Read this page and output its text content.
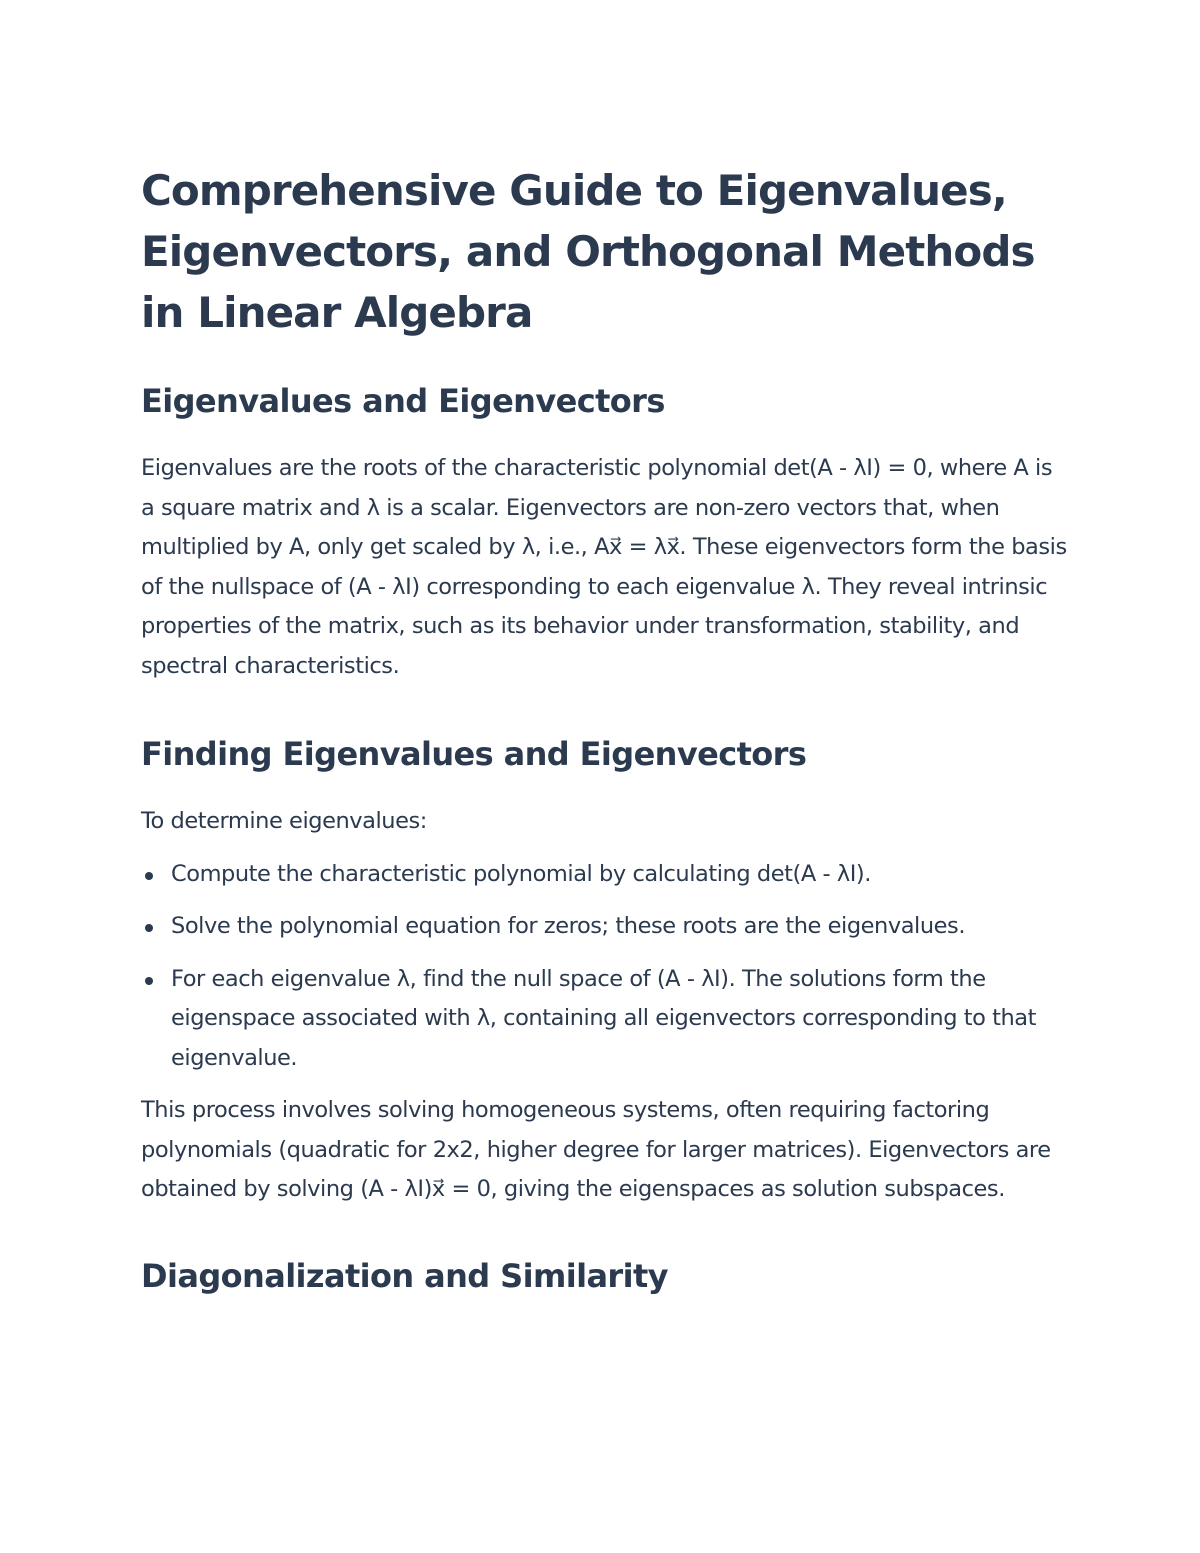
Comprehensive Guide to Eigenvalues, Eigenvectors, and Orthogonal Methods in Linear Algebra
Eigenvalues and Eigenvectors

Eigenvalues are the roots of the characteristic polynomial det(A - λI) = 0, where A is a square matrix and λ is a scalar. Eigenvectors are non-zero vectors that, when multiplied by A, only get scaled by λ, i.e., Ax⃗ = λx⃗. These eigenvectors form the basis of the nullspace of (A - λI) corresponding to each eigenvalue λ. They reveal intrinsic properties of the matrix, such as its behavior under transformation, stability, and spectral characteristics.

Finding Eigenvalues and Eigenvectors

To determine eigenvalues:

Compute the characteristic polynomial by calculating det(A - λI).
Solve the polynomial equation for zeros; these roots are the eigenvalues.
For each eigenvalue λ, find the null space of (A - λI). The solutions form the eigenspace associated with λ, containing all eigenvectors corresponding to that eigenvalue.

This process involves solving homogeneous systems, often requiring factoring polynomials (quadratic for 2x2, higher degree for larger matrices). Eigenvectors are obtained by solving (A - λI)x⃗ = 0, giving the eigenspaces as solution subspaces.

Diagonalization and Similarity
